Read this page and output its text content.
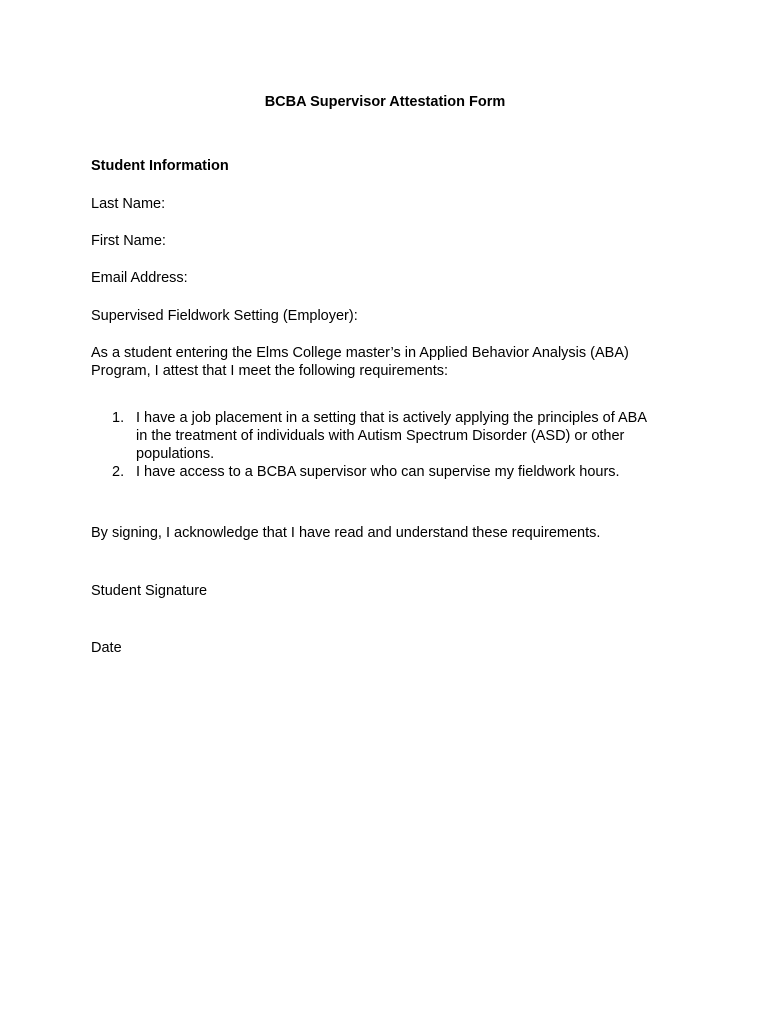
BCBA Supervisor Attestation Form
Student Information
Last Name:
First Name:
Email Address:
Supervised Fieldwork Setting (Employer):
As a student entering the Elms College master’s in Applied Behavior Analysis (ABA)
Program, I attest that I meet the following requirements:
1. I have a job placement in a setting that is actively applying the principles of ABA
in the treatment of individuals with Autism Spectrum Disorder (ASD) or other
populations.
2. I have access to a BCBA supervisor who can supervise my fieldwork hours.
By signing, I acknowledge that I have read and understand these requirements.
Student Signature
Date
